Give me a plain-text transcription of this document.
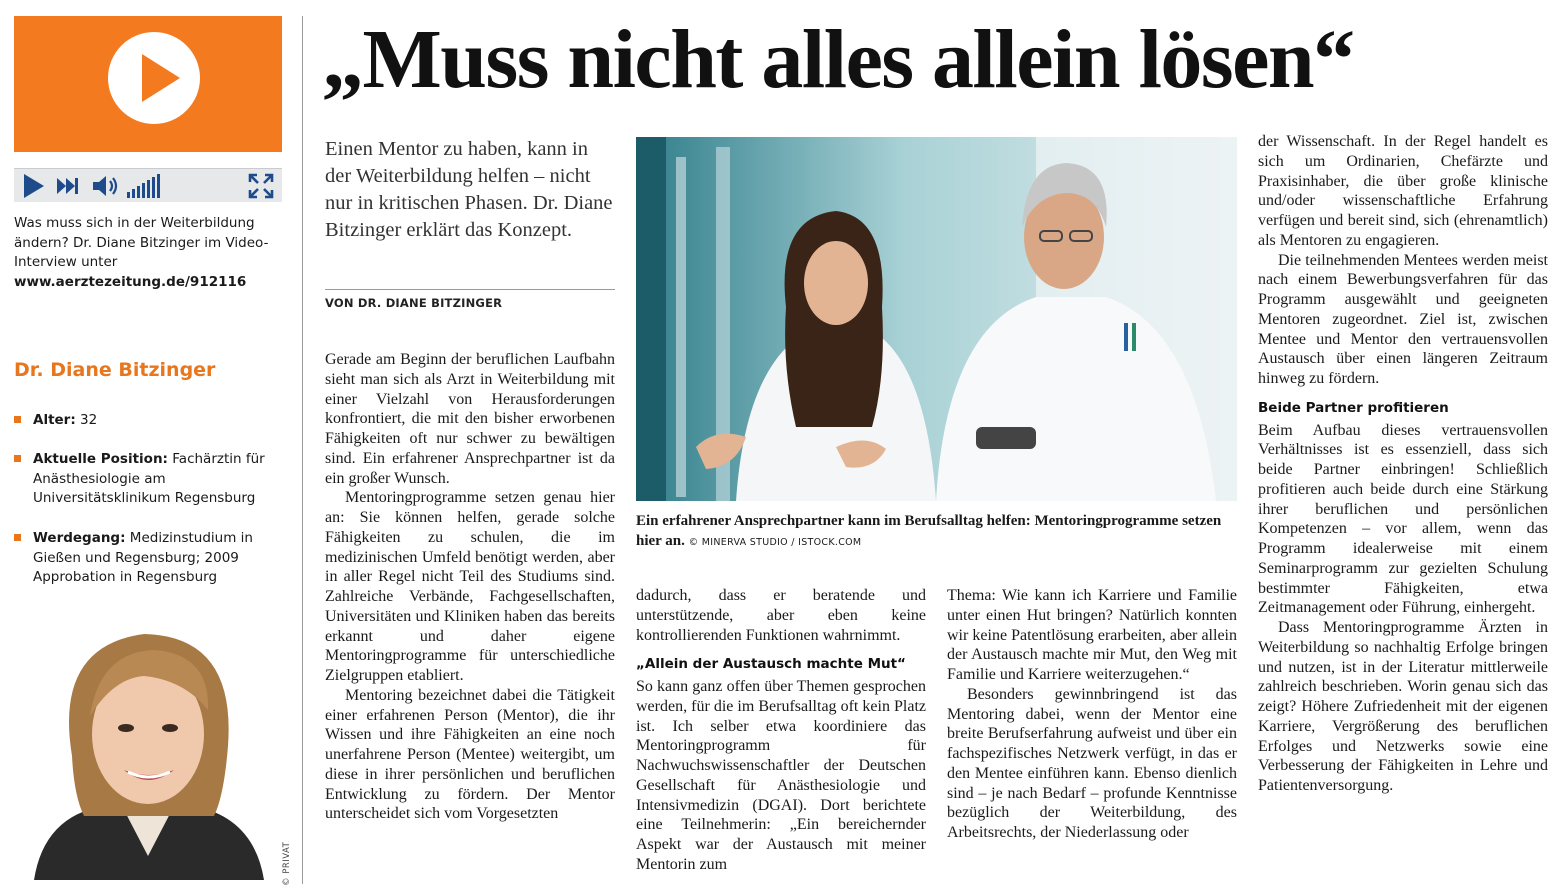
Was muss sich in der Weiterbildung ändern? Dr. Diane Bitzinger im Video-Interview unter
www.aerztezeitung.de/912116
Dr. Diane Bitzinger
Alter: 32
Aktuelle Position: Fachärztin für Anästhesiologie am Universitätsklinikum Regensburg
Werdegang: Medizinstudium in Gießen und Regensburg; 2009 Approbation in Regensburg
© PRIVAT
„Muss nicht alles allein lösen“

Einen Mentor zu haben, kann in der Weiterbildung helfen – nicht nur in kritischen Phasen. Dr. Diane Bitzinger erklärt das Konzept.

VON DR. DIANE BITZINGER

Gerade am Beginn der beruflichen Laufbahn sieht man sich als Arzt in Weiterbildung mit einer Vielzahl von Herausforderungen konfrontiert, die mit den bisher erworbenen Fähigkeiten oft nur schwer zu bewältigen sind. Ein erfahrener Ansprechpartner ist da ein großer Wunsch.

Mentoringprogramme setzen genau hier an: Sie können helfen, gerade solche Fähigkeiten zu schulen, die im medizinischen Umfeld benötigt werden, aber in aller Regel nicht Teil des Studiums sind. Zahlreiche Verbände, Fachgesellschaften, Universitäten und Kliniken haben das bereits erkannt und daher eigene Mentoringprogramme für unterschiedliche Zielgruppen etabliert.

Mentoring bezeichnet dabei die Tätigkeit einer erfahrenen Person (Mentor), die ihr Wissen und ihre Fähigkeiten an eine noch unerfahrene Person (Mentee) weitergibt, um diese in ihrer persönlichen und beruflichen Entwicklung zu fördern. Der Mentor unterscheidet sich vom Vorgesetzten

Ein erfahrener Ansprechpartner kann im Berufsalltag helfen: Mentoringprogramme setzen hier an. © MINERVA STUDIO / ISTOCK.COM

dadurch, dass er beratende und unterstützende, aber eben keine kontrollierenden Funktionen wahrnimmt.

„Allein der Austausch machte Mut“

So kann ganz offen über Themen gesprochen werden, für die im Berufsalltag oft kein Platz ist. Ich selber etwa koordiniere das Mentoringprogramm für Nachwuchswissenschaftler der Deutschen Gesellschaft für Anästhesiologie und Intensivmedizin (DGAI). Dort berichtete eine Teilnehmerin: „Ein bereichernder Aspekt war der Austausch mit meiner Mentorin zum

Thema: Wie kann ich Karriere und Familie unter einen Hut bringen? Natürlich konnten wir keine Patentlösung erarbeiten, aber allein der Austausch machte mir Mut, den Weg mit Familie und Karriere weiterzugehen.“

Besonders gewinnbringend ist das Mentoring dabei, wenn der Mentor eine breite Berufserfahrung aufweist und über ein fachspezifisches Netzwerk verfügt, in das er den Mentee einführen kann. Ebenso dienlich sind – je nach Bedarf – profunde Kenntnisse bezüglich der Weiterbildung, des Arbeitsrechts, der Niederlassung oder

der Wissenschaft. In der Regel handelt es sich um Ordinarien, Chefärzte und Praxisinhaber, die über große klinische und/oder wissenschaftliche Erfahrung verfügen und bereit sind, sich (ehrenamtlich) als Mentoren zu engagieren.

Die teilnehmenden Mentees werden meist nach einem Bewerbungsverfahren für das Programm ausgewählt und geeigneten Mentoren zugeordnet. Ziel ist, zwischen Mentee und Mentor den vertrauensvollen Austausch über einen längeren Zeitraum hinweg zu fördern.

Beide Partner profitieren

Beim Aufbau dieses vertrauensvollen Verhältnisses ist es essenziell, dass sich beide Partner einbringen! Schließlich profitieren auch beide durch eine Stärkung ihrer beruflichen und persönlichen Kompetenzen – vor allem, wenn das Programm idealerweise mit einem Seminarprogramm zur gezielten Schulung bestimmter Fähigkeiten, etwa Zeitmanagement oder Führung, einhergeht.

Dass Mentoringprogramme Ärzten in Weiterbildung so nachhaltig Erfolge bringen und nutzen, ist in der Literatur mittlerweile zahlreich beschrieben. Worin genau sich das zeigt? Höhere Zufriedenheit mit der eigenen Karriere, Vergrößerung des beruflichen Erfolges und Netzwerks sowie eine Verbesserung der Fähigkeiten in Lehre und Patientenversorgung.
